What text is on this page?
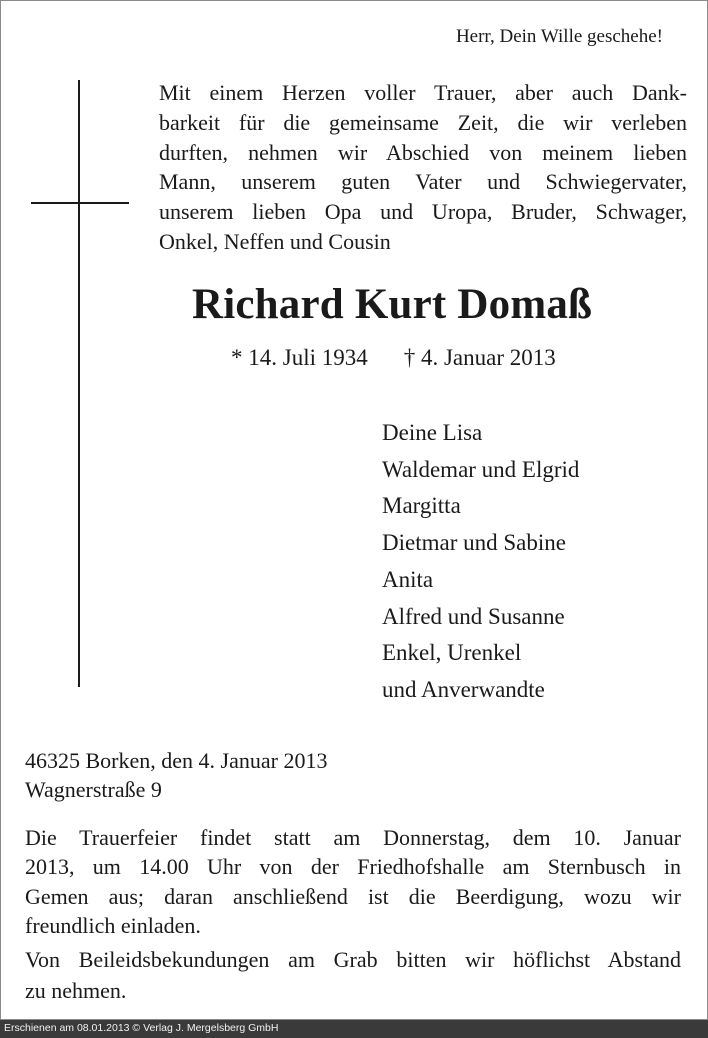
Herr, Dein Wille geschehe!
Mit einem Herzen voller Trauer, aber auch Dank-
barkeit für die gemeinsame Zeit, die wir verleben
durften, nehmen wir Abschied von meinem lieben
Mann, unserem guten Vater und Schwiegervater,
unserem lieben Opa und Uropa, Bruder, Schwager,
Onkel, Neffen und Cousin
Richard Kurt Domaß
* 14. Juli 1934 † 4. Januar 2013
Deine Lisa
Waldemar und Elgrid
Margitta
Dietmar und Sabine
Anita
Alfred und Susanne
Enkel, Urenkel
und Anverwandte
46325 Borken, den 4. Januar 2013
Wagnerstraße 9
Die Trauerfeier findet statt am Donnerstag, dem 10. Januar
2013, um 14.00 Uhr von der Friedhofshalle am Sternbusch in
Gemen aus; daran anschließend ist die Beerdigung, wozu wir
freundlich einladen.
Von Beileidsbekundungen am Grab bitten wir höflichst Abstand
zu nehmen.
Erschienen am 08.01.2013 © Verlag J. Mergelsberg GmbH
